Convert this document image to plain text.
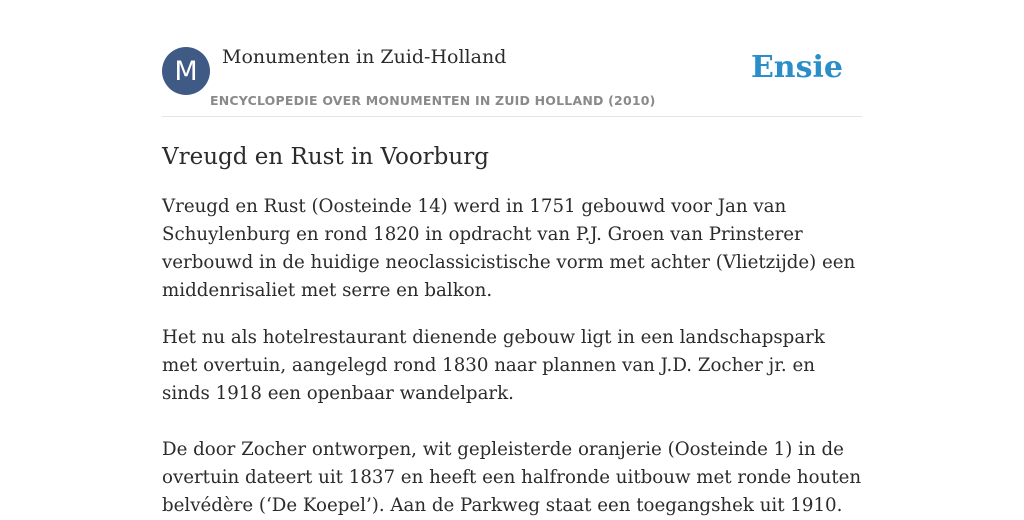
M	Monumenten in Zuid-Holland
ENCYCLOPEDIE OVER MONUMENTEN IN ZUID HOLLAND (2010)
Ensie
Vreugd en Rust in Voorburg

Vreugd en Rust (Oosteinde 14) werd in 1751 gebouwd voor Jan van Schuylenburg en rond 1820 in opdracht van P.J. Groen van Prinsterer verbouwd in de huidige neoclassicistische vorm met achter (Vlietzijde) een middenrisaliet met serre en balkon.

Het nu als hotelrestaurant dienende gebouw ligt in een landschapspark met overtuin, aangelegd rond 1830 naar plannen van J.D. Zocher jr. en sinds 1918 een openbaar wandelpark.

De door Zocher ontworpen, wit gepleisterde oranjerie (Oosteinde 1) in de overtuin dateert uit 1837 en heeft een halfronde uitbouw met ronde houten belvédère (‘De Koepel’). Aan de Parkweg staat een toegangshek uit 1910.
